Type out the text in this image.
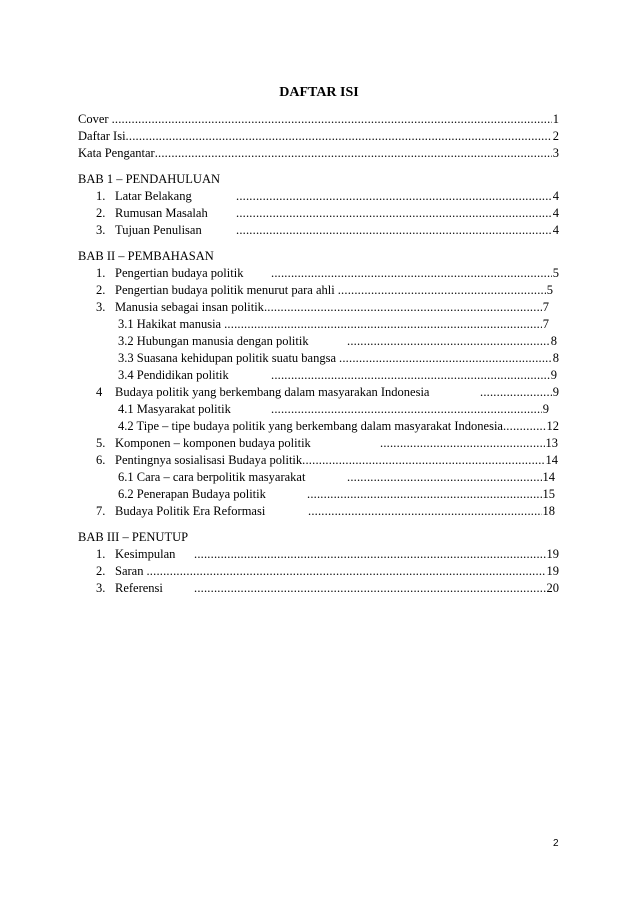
DAFTAR ISI
Cover .....	1
Daftar Isi .....	2
Kata Pengantar .....	3
BAB 1 – PENDAHULUAN
1. Latar Belakang .....	4
2. Rumusan Masalah .....	4
3. Tujuan Penulisan .....	4
BAB II – PEMBAHASAN
1. Pengertian budaya politik .....	5
2. Pengertian budaya politik menurut para ahli .....	5
3. Manusia sebagai insan politik .....	7
3.1 Hakikat manusia .....	7
3.2 Hubungan manusia dengan politik .....	8
3.3 Suasana kehidupan politik suatu bangsa .....	8
3.4 Pendidikan politik .....	9
4	Budaya politik yang berkembang dalam masyarakan Indonesia .....	9
4.1 Masyarakat politik .....	9
4.2 Tipe – tipe budaya politik yang berkembang dalam masyarakat Indonesia .....	12
5. Komponen – komponen budaya politik .....	13
6. Pentingnya sosialisasi Budaya politik .....	14
6.1 Cara – cara berpolitik masyarakat .....	14
6.2 Penerapan Budaya politik .....	15
7. Budaya Politik Era Reformasi .....	18
BAB III – PENUTUP
1. Kesimpulan .....	19
2. Saran .....	19
3. Referensi .....	20
2
